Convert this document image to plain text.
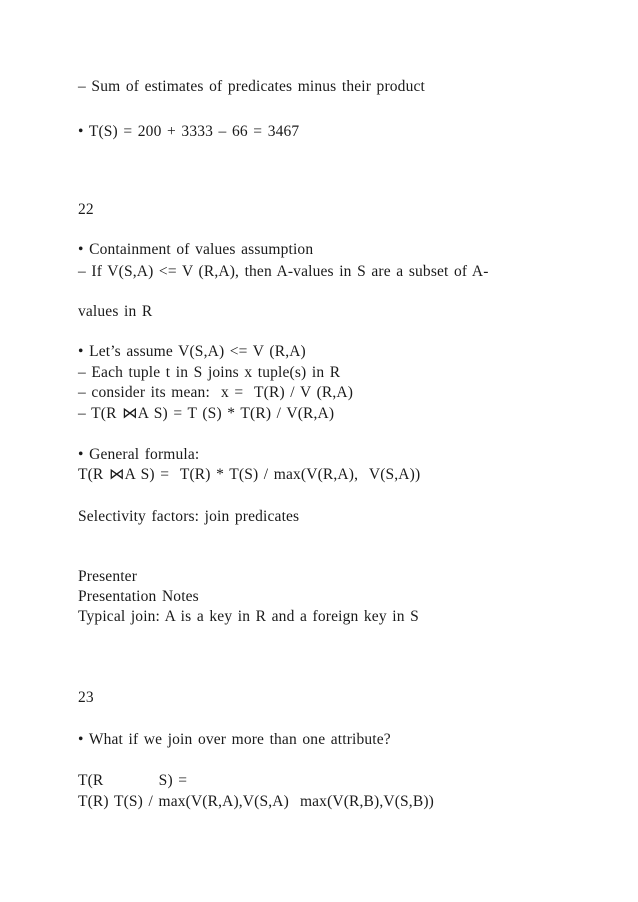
– Sum of estimates of predicates minus their product
• T(S) = 200 + 3333 – 66 = 3467
22
• Containment of values assumption
– If V(S,A) <= V (R,A), then A-values in S are a subset of A-
values in R
• Let’s assume V(S,A) <= V (R,A)
– Each tuple t in S joins x tuple(s) in R
– consider its mean:  x =  T(R) / V (R,A)
– T(R ⋈A S) = T (S) * T(R) / V(R,A)
• General formula:
T(R ⋈A S) =  T(R) * T(S) / max(V(R,A),  V(S,A))
Selectivity factors: join predicates
Presenter
Presentation Notes
Typical join: A is a key in R and a foreign key in S
23
• What if we join over more than one attribute?
T(R          S) =
T(R) T(S) / max(V(R,A),V(S,A)  max(V(R,B),V(S,B))
